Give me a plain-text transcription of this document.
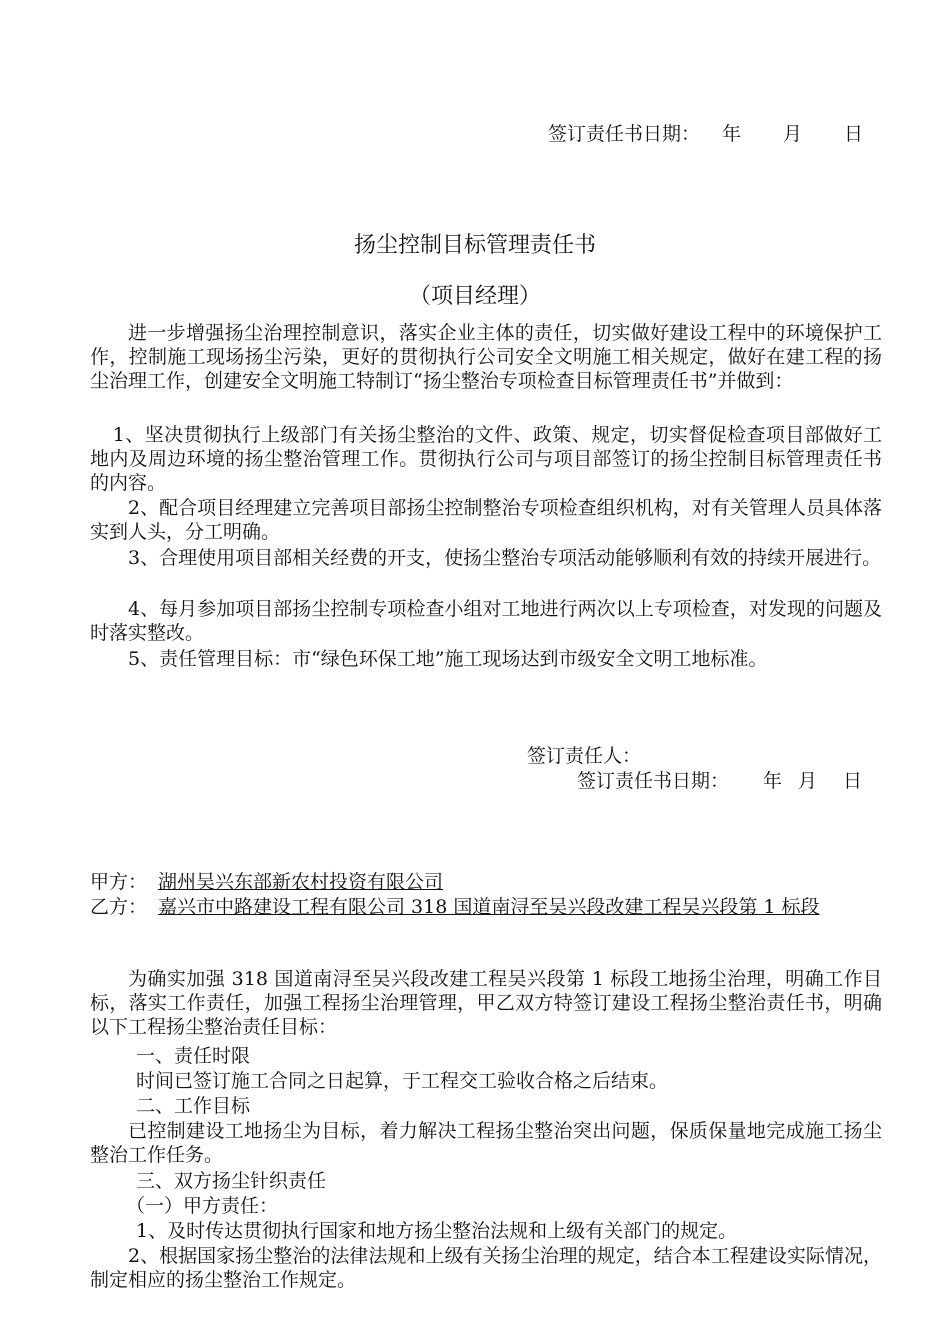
签订责任书日期： 年 月 日
扬尘控制目标管理责任书
（项目经理）
进一步增强扬尘治理控制意识，落实企业主体的责任，切实做好建设工程中的环境保护工作，控制施工现场扬尘污染，更好的贯彻执行公司安全文明施工相关规定，做好在建工程的扬尘治理工作，创建安全文明施工特制订“扬尘整治专项检查目标管理责任书”并做到：
1、坚决贯彻执行上级部门有关扬尘整治的文件、政策、规定，切实督促检查项目部做好工地内及周边环境的扬尘整治管理工作。贯彻执行公司与项目部签订的扬尘控制目标管理责任书的内容。
2、配合项目经理建立完善项目部扬尘控制整治专项检查组织机构，对有关管理人员具体落实到人头，分工明确。
3、合理使用项目部相关经费的开支，使扬尘整治专项活动能够顺利有效的持续开展进行。
4、每月参加项目部扬尘控制专项检查小组对工地进行两次以上专项检查，对发现的问题及时落实整改。
5、责任管理目标：市“绿色环保工地”施工现场达到市级安全文明工地标准。
签订责任人：
签订责任书日期： 年 月 日
甲方： 湖州吴兴东部新农村投资有限公司
乙方： 嘉兴市中路建设工程有限公司 318 国道南浔至吴兴段改建工程吴兴段第 1 标段
为确实加强 318 国道南浔至吴兴段改建工程吴兴段第 1 标段工地扬尘治理，明确工作目标，落实工作责任，加强工程扬尘治理管理，甲乙双方特签订建设工程扬尘整治责任书，明确以下工程扬尘整治责任目标：
一、责任时限
时间已签订施工合同之日起算，于工程交工验收合格之后结束。
二、工作目标
已控制建设工地扬尘为目标，着力解决工程扬尘整治突出问题，保质保量地完成施工扬尘整治工作任务。
三、双方扬尘针织责任
（一）甲方责任：
1、及时传达贯彻执行国家和地方扬尘整治法规和上级有关部门的规定。
2、根据国家扬尘整治的法律法规和上级有关扬尘治理的规定，结合本工程建设实际情况，制定相应的扬尘整治工作规定。
